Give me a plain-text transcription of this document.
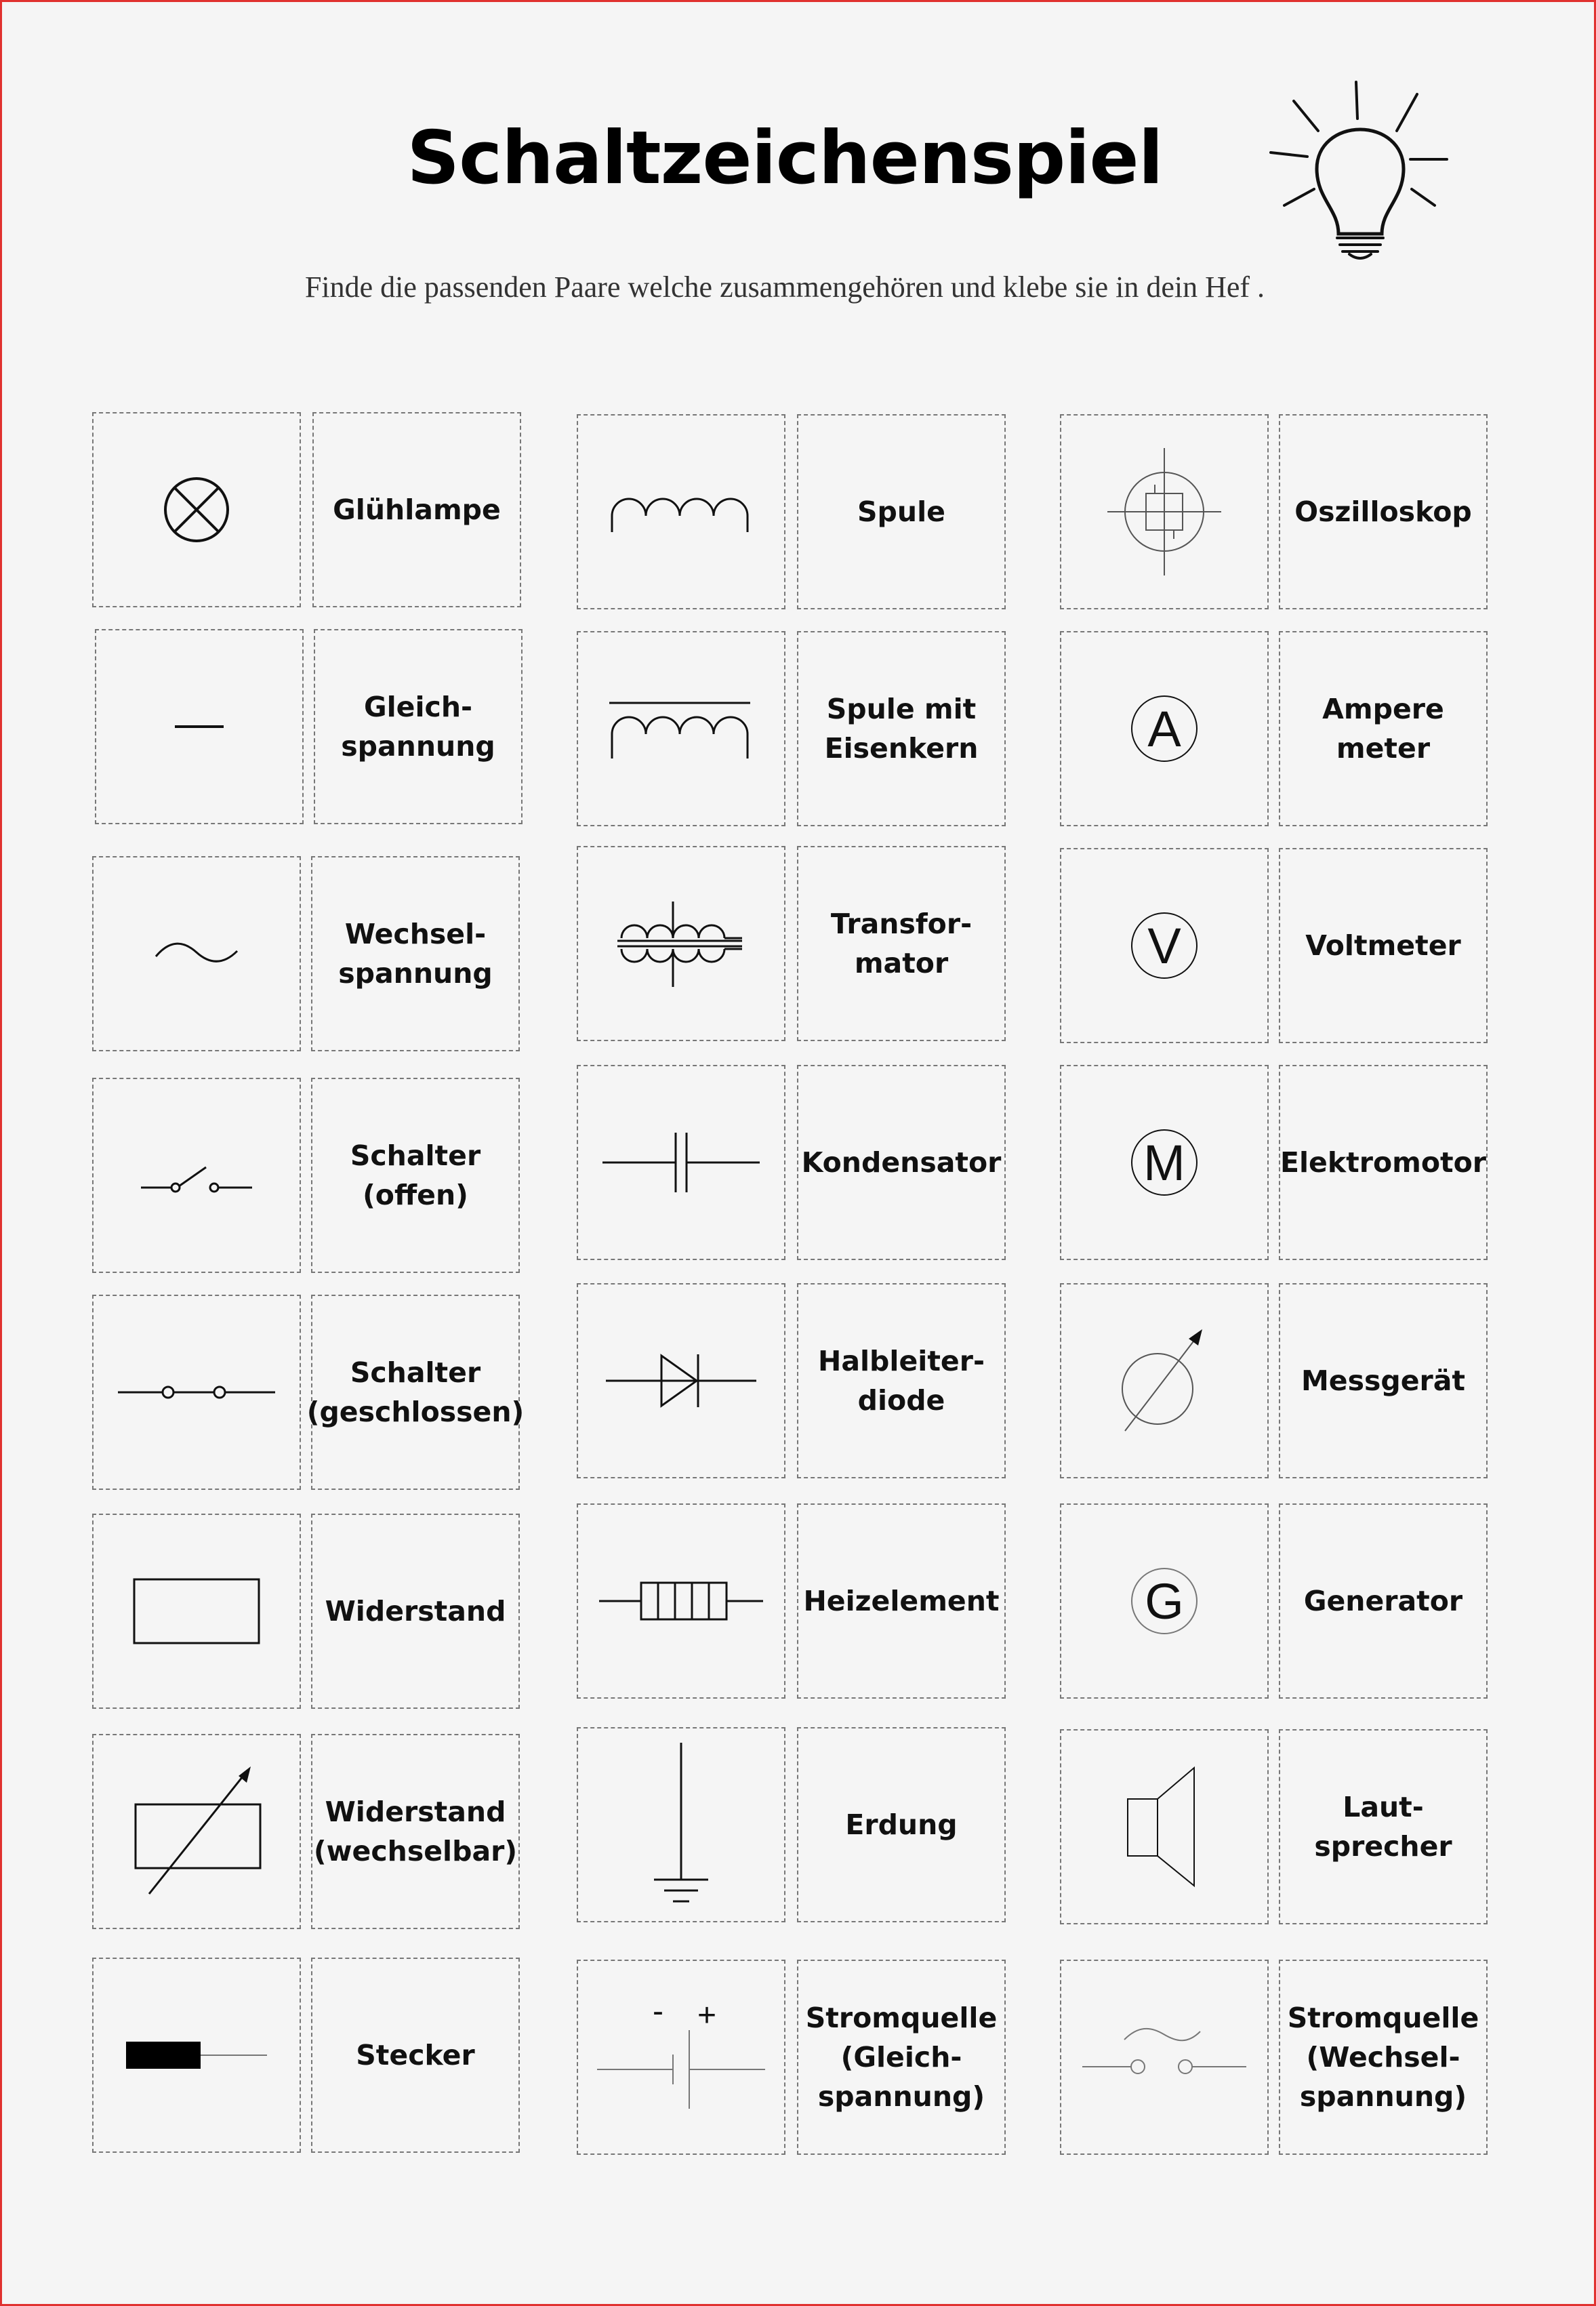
Schaltzeichenspiel
Finde die passenden Paare welche zusammengehören und klebe sie in dein Hef .
Glühlampe
Gleich-
spannung
Wechsel-
spannung
Schalter
(offen)
Schalter
(geschlossen)
Widerstand
Widerstand
(wechselbar)
Stecker
Spule
Spule mit
Eisenkern
Transfor-
mator
Kondensator
Halbleiter-
diode
Heizelement
Erdung
- +	Stromquelle
(Gleich-
spannung)
Oszilloskop
A	Ampere
meter
V	Voltmeter
M	Elektromotor
Messgerät
G	Generator
Laut-
sprecher
Stromquelle
(Wechsel-
spannung)
